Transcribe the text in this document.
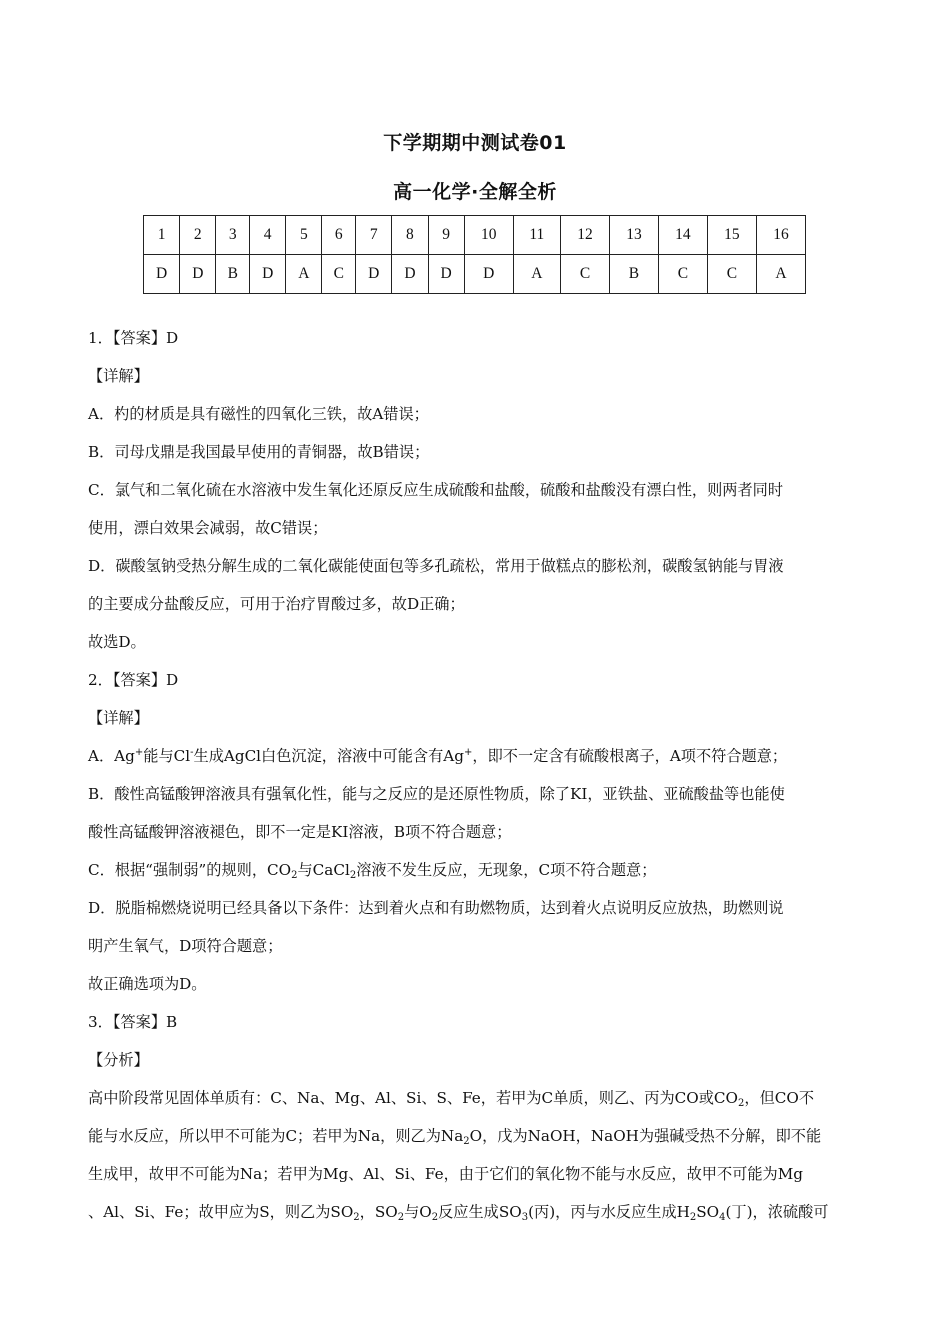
下学期期中测试卷01
高一化学·全解全析
1	2	3	4	5	6	7	8	9	10	11	12	13	14	15	16
D	D	B	D	A	C	D	D	D	D	A	C	B	C	C	A

1．【答案】D

【详解】

A．杓的材质是具有磁性的四氧化三铁，故A错误；

B．司母戊鼎是我国最早使用的青铜器，故B错误；

C．氯气和二氧化硫在水溶液中发生氧化还原反应生成硫酸和盐酸，硫酸和盐酸没有漂白性，则两者同时

使用，漂白效果会减弱，故C错误；

D．碳酸氢钠受热分解生成的二氧化碳能使面包等多孔疏松，常用于做糕点的膨松剂，碳酸氢钠能与胃液

的主要成分盐酸反应，可用于治疗胃酸过多，故D正确；

故选D。

2．【答案】D

【详解】

A．Ag+能与Cl-生成AgCl白色沉淀，溶液中可能含有Ag+，即不一定含有硫酸根离子，A项不符合题意；

B．酸性高锰酸钾溶液具有强氧化性，能与之反应的是还原性物质，除了KI，亚铁盐、亚硫酸盐等也能使

酸性高锰酸钾溶液褪色，即不一定是KI溶液，B项不符合题意；

C．根据“强制弱”的规则，$CO_2$与CaCl$_2$溶液不发生反应，无现象，C项不符合题意；

D．脱脂棉燃烧说明已经具备以下条件：达到着火点和有助燃物质，达到着火点说明反应放热，助燃则说

明产生氧气，D项符合题意；

故正确选项为D。

3．【答案】B

【分析】

高中阶段常见固体单质有：C、Na、Mg、Al、Si、S、Fe，若甲为C单质，则乙、丙为CO或$CO_2$，但CO不

能与水反应，所以甲不可能为C；若甲为Na，则乙为$Na_2O$，戊为NaOH，NaOH为强碱受热不分解，即不能

生成甲，故甲不可能为Na；若甲为Mg、Al、Si、Fe，由于它们的氧化物不能与水反应，故甲不可能为Mg

、Al、Si、Fe；故甲应为S，则乙为$SO_2$，$SO_2$与$O_2$反应生成$SO_3$(丙)，丙与水反应生成$H_2SO_4$(丁)，浓硫酸可
